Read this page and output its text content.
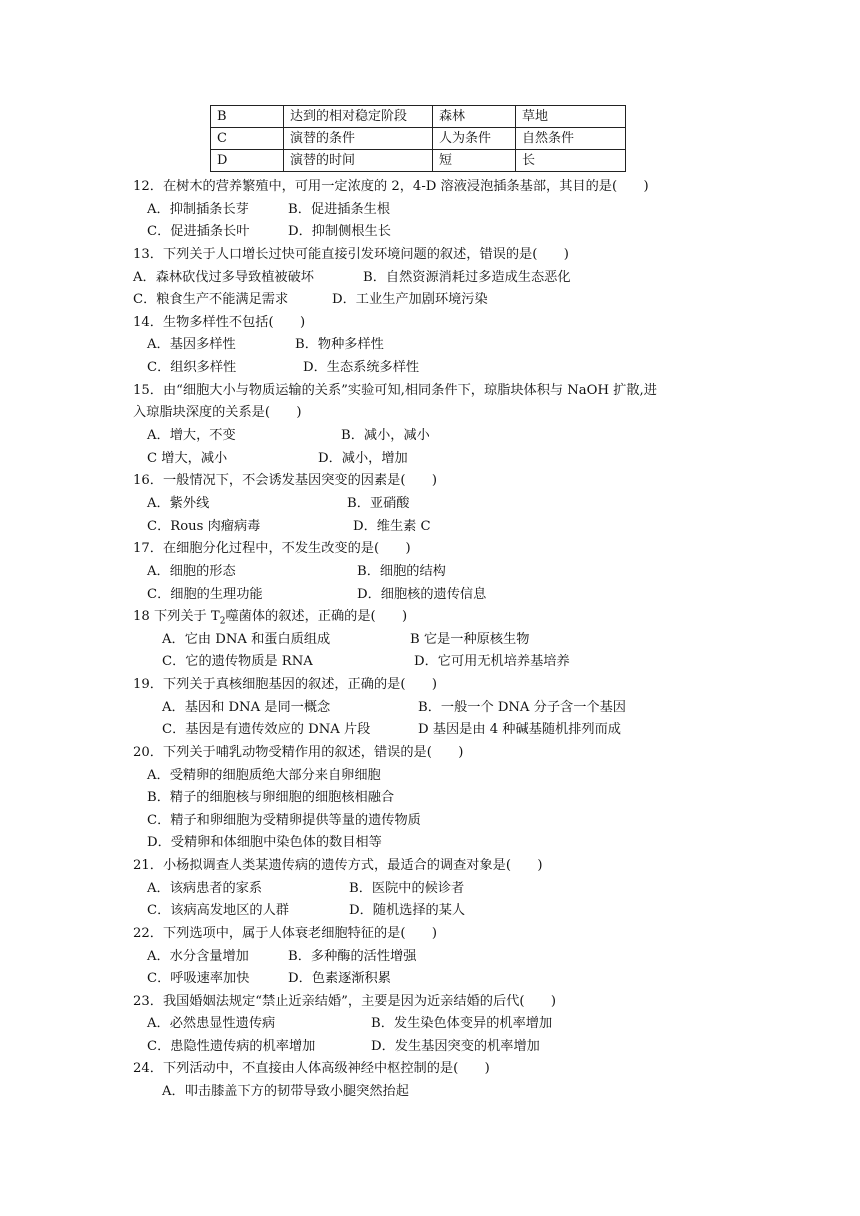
B	达到的相对稳定阶段	森林	草地
C	演替的条件	人为条件	自然条件
D	演替的时间	短	长
12．在树木的营养繁殖中，可用一定浓度的 2，4-D 溶液浸泡插条基部，其目的是(　　)
A．抑制插条长芽	B．促进插条生根
C．促进插条长叶	D．抑制侧根生长
13．下列关于人口增长过快可能直接引发环境问题的叙述，错误的是(　　)
A．森林砍伐过多导致植被破坏	B．自然资源消耗过多造成生态恶化
C．粮食生产不能满足需求	D．工业生产加剧环境污染
14．生物多样性不包括(　　)
A．基因多样性	B．物种多样性
C．组织多样性	D．生态系统多样性
15．由“细胞大小与物质运输的关系”实验可知,相同条件下，琼脂块体积与 NaOH 扩散,进
入琼脂块深度的关系是(　　)
A．增大，不变	B．减小，减小
C 增大，减小	D．减小，增加
16．一般情况下，不会诱发基因突变的因素是(　　)
A．紫外线	B．亚硝酸
C．Rous 肉瘤病毒	D．维生素 C
17．在细胞分化过程中，不发生改变的是(　　)
A．细胞的形态	B．细胞的结构
C．细胞的生理功能	D．细胞核的遗传信息
18 下列关于 $T_2$噬菌体的叙述，正确的是(　　)
A．它由 DNA 和蛋白质组成	B 它是一种原核生物
C．它的遗传物质是 RNA	D．它可用无机培养基培养
19．下列关于真核细胞基因的叙述，正确的是(　　)
A．基因和 DNA 是同一概念	B．一般一个 DNA 分子含一个基因
C．基因是有遗传效应的 DNA 片段	D 基因是由 4 种碱基随机排列而成
20．下列关于哺乳动物受精作用的叙述，错误的是(　　)
A．受精卵的细胞质绝大部分来自卵细胞
B．精子的细胞核与卵细胞的细胞核相融合
C．精子和卵细胞为受精卵提供等量的遗传物质
D．受精卵和体细胞中染色体的数目相等
21．小杨拟调查人类某遗传病的遗传方式，最适合的调查对象是(　　)
A．该病患者的家系	B．医院中的候诊者
C．该病高发地区的人群	D．随机选择的某人
22．下列选项中，属于人体衰老细胞特征的是(　　)
A．水分含量增加	B．多种酶的活性增强
C．呼吸速率加快	D．色素逐渐积累
23．我国婚姻法规定“禁止近亲结婚”，主要是因为近亲结婚的后代(　　)
A．必然患显性遗传病	B．发生染色体变异的机率增加
C．患隐性遗传病的机率增加	D．发生基因突变的机率增加
24．下列活动中，不直接由人体高级神经中枢控制的是(　　)
A．叩击膝盖下方的韧带导致小腿突然抬起
